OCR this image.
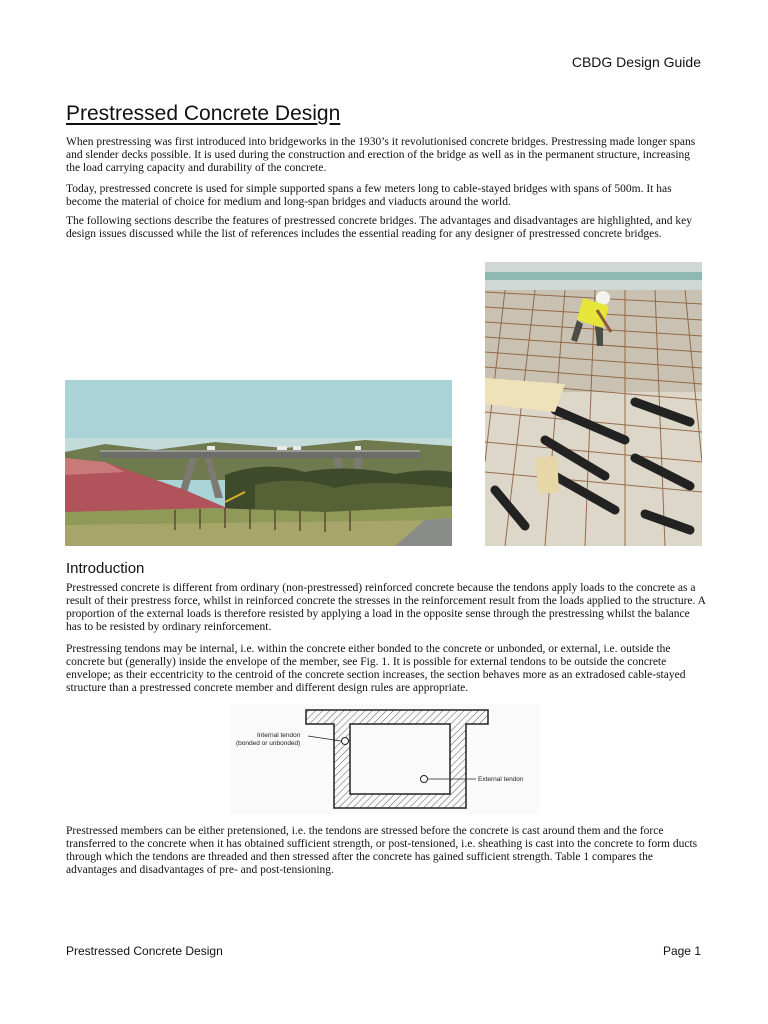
CBDG Design Guide
Prestressed Concrete Design

When prestressing was first introduced into bridgeworks in the 1930’s it revolutionised concrete bridges. Prestressing made longer spans and slender decks possible. It is used during the construction and erection of the bridge as well as in the permanent structure, increasing the load carrying capacity and durability of the concrete.

Today, prestressed concrete is used for simple supported spans a few meters long to cable-stayed bridges with spans of 500m. It has become the material of choice for medium and long-span bridges and viaducts around the world.

The following sections describe the features of prestressed concrete bridges. The advantages and disadvantages are highlighted, and key design issues discussed while the list of references includes the essential reading for any designer of prestressed concrete bridges.

Introduction

Prestressed concrete is different from ordinary (non-prestressed) reinforced concrete because the tendons apply loads to the concrete as a result of their prestress force, whilst in reinforced concrete the stresses in the reinforcement result from the loads applied to the structure. A proportion of the external loads is therefore resisted by applying a load in the opposite sense through the prestressing whilst the balance has to be resisted by ordinary reinforcement.

Prestressing tendons may be internal, i.e. within the concrete either bonded to the concrete or unbonded, or external, i.e. outside the concrete but (generally) inside the envelope of the member, see Fig. 1. It is possible for external tendons to be outside the concrete envelope; as their eccentricity to the centroid of the concrete section increases, the section behaves more as an extradosed cable-stayed structure than a prestressed concrete member and different design rules are appropriate.

Internal tendon
(bonded or unbonded)
External tendon

Prestressed members can be either pretensioned, i.e. the tendons are stressed before the concrete is cast around them and the force transferred to the concrete when it has obtained sufficient strength, or post-tensioned, i.e. sheathing is cast into the concrete to form ducts through which the tendons are threaded and then stressed after the concrete has gained sufficient strength. Table 1 compares the advantages and disadvantages of pre- and post-tensioning.

Prestressed Concrete Design	Page 1
